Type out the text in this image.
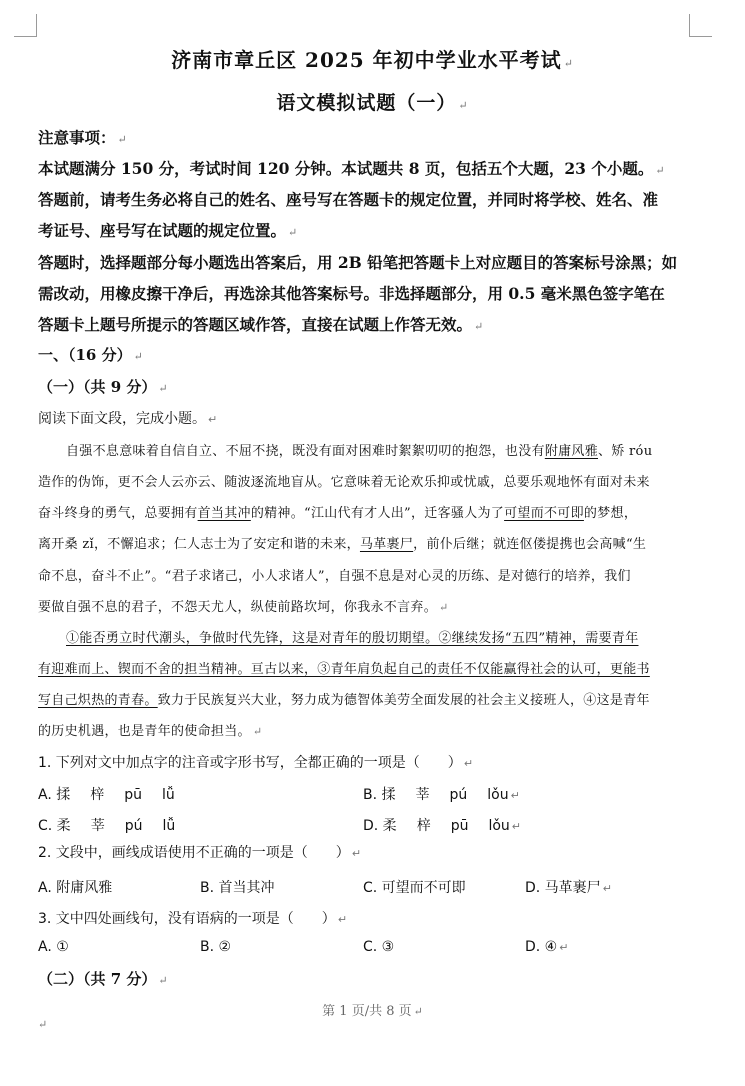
济南市章丘区 2025 年初中学业水平考试 ↵
语文模拟试题（一） ↵
注意事项： ↵
本试题满分 150 分，考试时间 120 分钟。本试题共 8 页，包括五个大题，23 个小题。 ↵
答题前，请考生务必将自己的姓名、座号写在答题卡的规定位置，并同时将学校、姓名、准
考证号、座号写在试题的规定位置。 ↵
答题时，选择题部分每小题选出答案后，用 2B 铅笔把答题卡上对应题目的答案标号涂黑；如
需改动，用橡皮擦干净后，再选涂其他答案标号。非选择题部分，用 0.5 毫米黑色签字笔在
答题卡上题号所提示的答题区域作答，直接在试题上作答无效。 ↵
一、（16 分） ↵
（一）（共 9 分） ↵
阅读下面文段，完成小题。 ↵
自强不息意味着自信自立、不屈不挠，既没有面对困难时絮絮叨叨的抱怨，也没有附庸风雅、矫 róu
造作的伪饰，更不会人云亦云、随波逐流地盲从。它意味着无论欢乐抑或忧戚，总要乐观地怀有面对未来
奋斗终身的勇气，总要拥有首当其冲的精神。“江山代有才人出”，迁客骚人为了可望而不可即的梦想，
离开桑 zǐ，不懈追求；仁人志士为了安定和谐的未来，马革裹尸，前仆后继；就连伛偻提携也会高喊“生
命不息，奋斗不止”。“君子求诸己，小人求诸人”，自强不息是对心灵的历练、是对德行的培养，我们
要做自强不息的君子，不怨天尤人，纵使前路坎坷，你我永不言弃。 ↵
①能否勇立时代潮头，争做时代先锋，这是对青年的殷切期望。②继续发扬“五四”精神，需要青年
有迎难而上、锲而不舍的担当精神。亘古以来，③青年肩负起自己的责任不仅能赢得社会的认可，更能书
写自己炽热的青春。致力于民族复兴大业，努力成为德智体美劳全面发展的社会主义接班人，④这是青年
的历史机遇，也是青年的使命担当。 ↵
1. 下列对文中加点字的注音或字形书写，全都正确的一项是（　　） ↵
A. 揉 梓 pū lǚ	B. 揉 莘 pú lǒu ↵
C. 柔 莘 pú lǚ	D. 柔 梓 pū lǒu ↵
2. 文段中，画线成语使用不正确的一项是（　　） ↵
A. 附庸风雅	B. 首当其冲	C. 可望而不可即	D. 马革裹尸 ↵
3. 文中四处画线句，没有语病的一项是（　　） ↵
A. ①	B. ②	C. ③	D. ④ ↵
（二）（共 7 分） ↵
第 1 页/共 8 页 ↵
↵
